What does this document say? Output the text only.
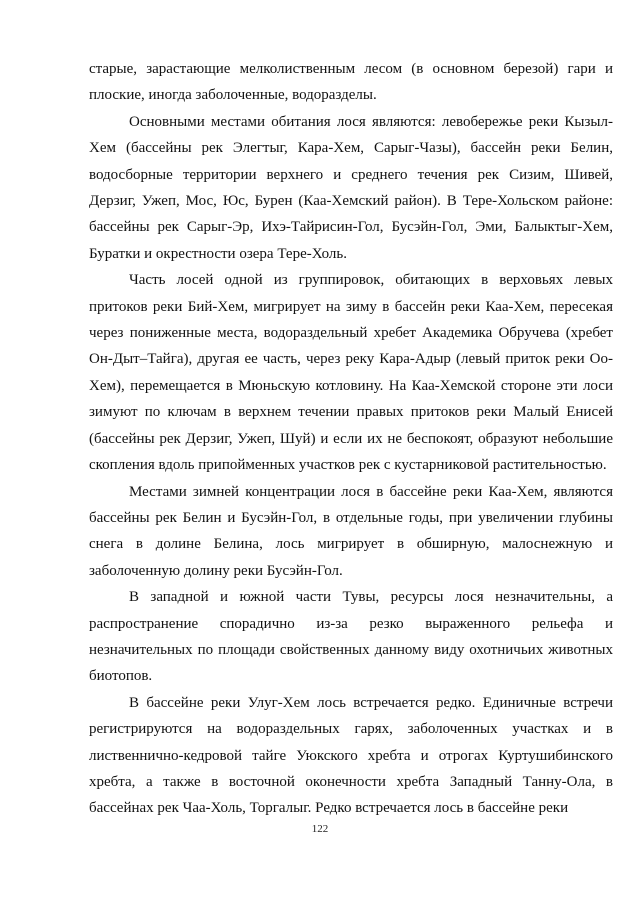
старые, зарастающие мелколиственным лесом (в основном березой) гари и плоские, иногда заболоченные, водоразделы.

Основными местами обитания лося являются: левобережье реки Кызыл-Хем (бассейны рек Элегтыг, Кара-Хем, Сарыг-Чазы), бассейн реки Белин, водосборные территории верхнего и среднего течения рек Сизим, Шивей, Дерзиг, Ужеп, Мос, Юс, Бурен (Каа-Хемский район). В Тере-Хольском районе: бассейны рек Сарыг-Эр, Ихэ-Тайрисин-Гол, Бусэйн-Гол, Эми, Балыктыг-Хем, Буратки и окрестности озера Тере-Холь.

Часть лосей одной из группировок, обитающих в верховьях левых притоков реки Бий-Хем, мигрирует на зиму в бассейн реки Каа-Хем, пересекая через пониженные места, водораздельный хребет Академика Обручева (хребет Он-Дыт–Тайга), другая ее часть, через реку Кара-Адыр (левый приток реки Оо-Хем), перемещается в Мюньскую котловину. На Каа-Хемской стороне эти лоси зимуют по ключам в верхнем течении правых притоков реки Малый Енисей (бассейны рек Дерзиг, Ужеп, Шуй) и если их не беспокоят, образуют небольшие скопления вдоль припойменных участков рек с кустарниковой растительностью.

Местами зимней концентрации лося в бассейне реки Каа-Хем, являются бассейны рек Белин и Бусэйн-Гол, в отдельные годы, при увеличении глубины снега в долине Белина, лось мигрирует в обширную, малоснежную и заболоченную долину реки Бусэйн-Гол.

В западной и южной части Тувы, ресурсы лося незначительны, а распространение спорадично из-за резко выраженного рельефа и незначительных по площади свойственных данному виду охотничьих животных биотопов.

В бассейне реки Улуг-Хем лось встречается редко. Единичные встречи регистрируются на водораздельных гарях, заболоченных участках и в лиственнично-кедровой тайге Уюкского хребта и отрогах Куртушибинского хребта, а также в восточной оконечности хребта Западный Танну-Ола, в бассейнах рек Чаа-Холь, Торгалыг. Редко встречается лось в бассейне реки

122
